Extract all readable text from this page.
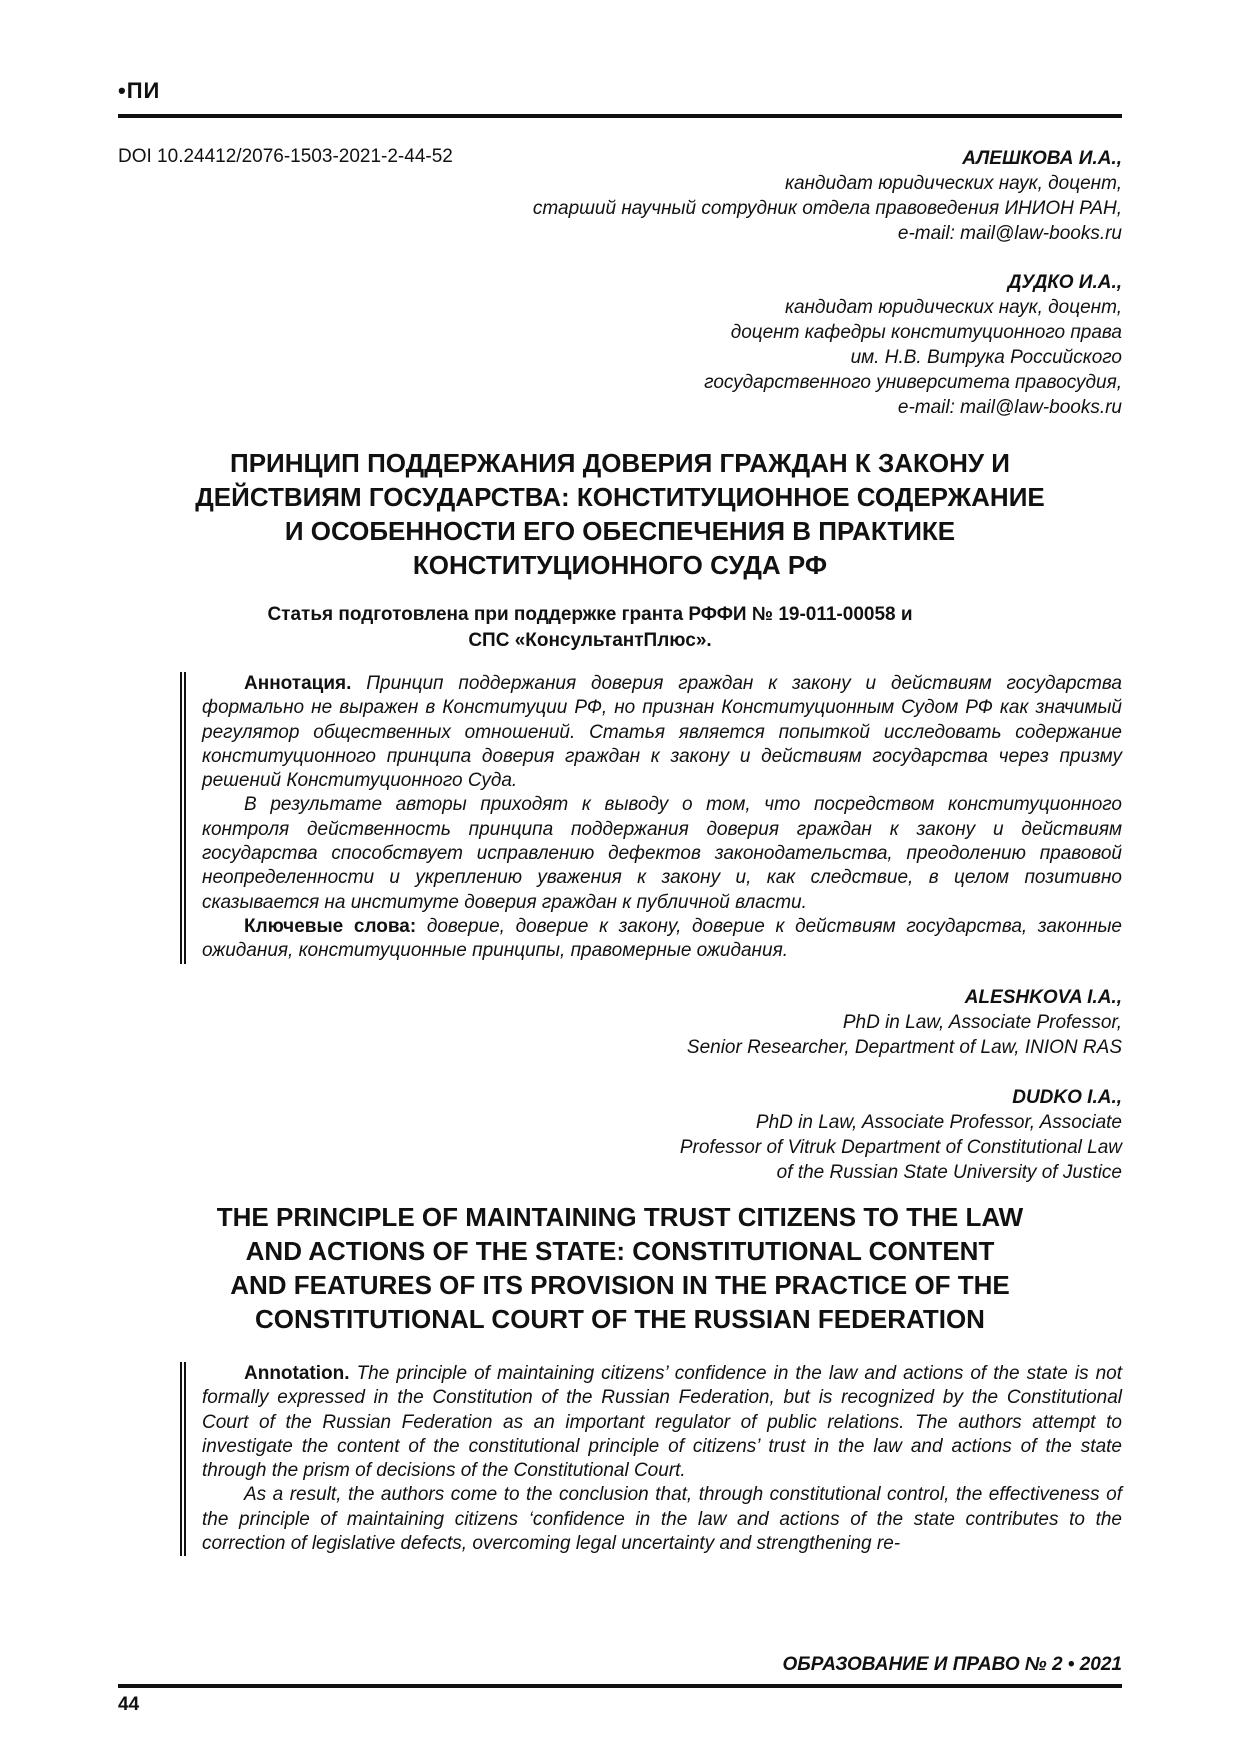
•ПИ
DOI 10.24412/2076-1503-2021-2-44-52	АЛЕШКОВА И.А.,
кандидат юридических наук, доцент,
старший научный сотрудник отдела правоведения ИНИОН РАН,
e-mail: mail@law-books.ru
ДУДКО И.А.,
кандидат юридических наук, доцент,
доцент кафедры конституционного права
им. Н.В. Витрука Российского
государственного университета правосудия,
e-mail: mail@law-books.ru
ПРИНЦИП ПОДДЕРЖАНИЯ ДОВЕРИЯ ГРАЖДАН К ЗАКОНУ И
ДЕЙСТВИЯМ ГОСУДАРСТВА: КОНСТИТУЦИОННОЕ СОДЕРЖАНИЕ
И ОСОБЕННОСТИ ЕГО ОБЕСПЕЧЕНИЯ В ПРАКТИКЕ
КОНСТИТУЦИОННОГО СУДА РФ
Статья подготовлена при поддержке гранта РФФИ № 19-011-00058 и
СПС «КонсультантПлюс».

Аннотация. Принцип поддержания доверия граждан к закону и действиям государства формально не выражен в Конституции РФ, но признан Конституционным Судом РФ как значимый регулятор общественных отношений. Статья является попыткой исследовать содержание конституционного принципа доверия граждан к закону и действиям государства через призму решений Конституционного Суда.

В результате авторы приходят к выводу о том, что посредством конституционного контроля действенность принципа поддержания доверия граждан к закону и действиям государства способствует исправлению дефектов законодательства, преодолению правовой неопределенности и укреплению уважения к закону и, как следствие, в целом позитивно сказывается на институте доверия граждан к публичной власти.

Ключевые слова: доверие, доверие к закону, доверие к действиям государства, законные ожидания, конституционные принципы, правомерные ожидания.

ALESHKOVA I.A.,
PhD in Law, Associate Professor,
Senior Researcher, Department of Law, INION RAS
DUDKO I.A.,
PhD in Law, Associate Professor, Associate
Professor of Vitruk Department of Constitutional Law
of the Russian State University of Justice
THE PRINCIPLE OF MAINTAINING TRUST CITIZENS TO THE LAW
AND ACTIONS OF THE STATE: CONSTITUTIONAL CONTENT
AND FEATURES OF ITS PROVISION IN THE PRACTICE OF THE
CONSTITUTIONAL COURT OF THE RUSSIAN FEDERATION

Annotation. The principle of maintaining citizens’ confidence in the law and actions of the state is not formally expressed in the Constitution of the Russian Federation, but is recognized by the Constitutional Court of the Russian Federation as an important regulator of public relations. The authors attempt to investigate the content of the constitutional principle of citizens’ trust in the law and actions of the state through the prism of decisions of the Constitutional Court.

As a result, the authors come to the conclusion that, through constitutional control, the effectiveness of the principle of maintaining citizens ‘confidence in the law and actions of the state contributes to the correction of legislative defects, overcoming legal uncertainty and strengthening re-

ОБРАЗОВАНИЕ И ПРАВО № 2 • 2021
44
